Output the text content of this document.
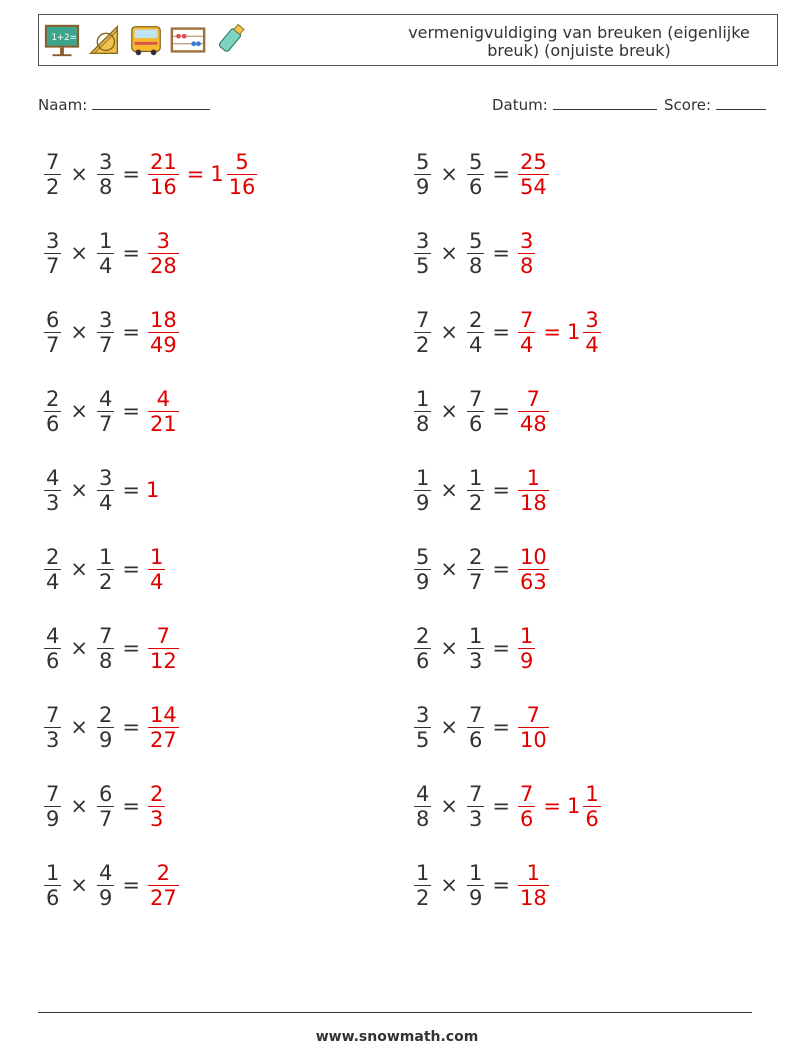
1+2=	vermenigvuldiging van breuken (eigenlijke breuk) (onjuiste breuk)
Naam:	Datum:	Score:
$\frac{7}{2} \times \frac{3}{8} = \frac{21}{16} = 1 \frac{5}{16}$
$\frac{3}{7} \times \frac{1}{4} = \frac{3}{28}$
$\frac{6}{7} \times \frac{3}{7} = \frac{18}{49}$
$\frac{2}{6} \times \frac{4}{7} = \frac{4}{21}$
$\frac{4}{3} \times \frac{3}{4} = 1$
$\frac{2}{4} \times \frac{1}{2} = \frac{1}{4}$
$\frac{4}{6} \times \frac{7}{8} = \frac{7}{12}$
$\frac{7}{3} \times \frac{2}{9} = \frac{14}{27}$
$\frac{7}{9} \times \frac{6}{7} = \frac{2}{3}$
$\frac{1}{6} \times \frac{4}{9} = \frac{2}{27}$
$\frac{5}{9} \times \frac{5}{6} = \frac{25}{54}$
$\frac{3}{5} \times \frac{5}{8} = \frac{3}{8}$
$\frac{7}{2} \times \frac{2}{4} = \frac{7}{4} = 1 \frac{3}{4}$
$\frac{1}{8} \times \frac{7}{6} = \frac{7}{48}$
$\frac{1}{9} \times \frac{1}{2} = \frac{1}{18}$
$\frac{5}{9} \times \frac{2}{7} = \frac{10}{63}$
$\frac{2}{6} \times \frac{1}{3} = \frac{1}{9}$
$\frac{3}{5} \times \frac{7}{6} = \frac{7}{10}$
$\frac{4}{8} \times \frac{7}{3} = \frac{7}{6} = 1 \frac{1}{6}$
$\frac{1}{2} \times \frac{1}{9} = \frac{1}{18}$
www.snowmath.com
